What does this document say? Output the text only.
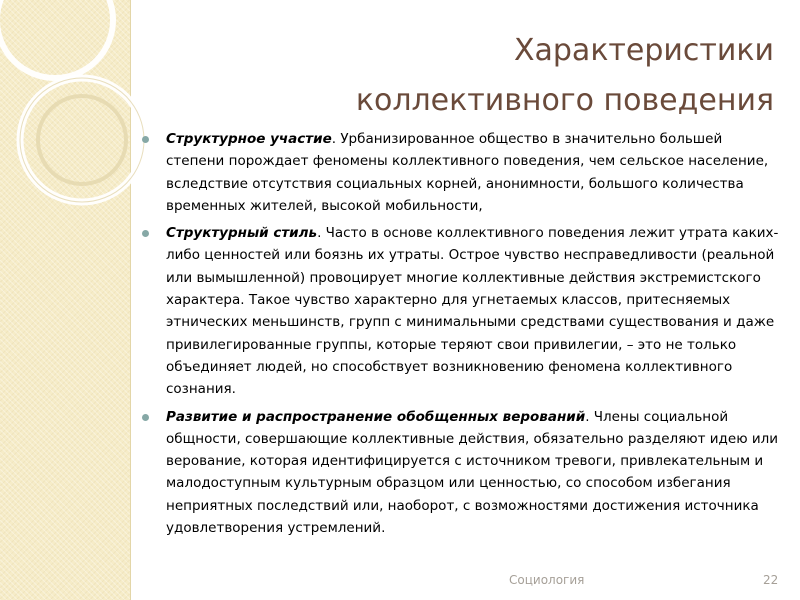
Характеристики
коллективного поведения
Структурное участие. Урбанизированное общество в значительно большей степени порождает феномены коллективного поведения, чем сельское население, вследствие отсутствия социальных корней, анонимности, большого количества временных жителей, высокой мобильности,
Структурный стиль. Часто в основе коллективного поведения лежит утрата каких-либо ценностей или боязнь их утраты. Острое чувство несправедливости (реальной или вымышленной) провоцирует многие коллективные действия экстремистского характера. Такое чувство характерно для угнетаемых классов, притесняемых этнических меньшинств, групп с минимальными средствами существования и даже привилегированные группы, которые теряют свои привилегии, – это не только объединяет людей, но способствует возникновению феномена коллективного сознания.
Развитие и распространение обобщенных верований. Члены социальной общности, совершающие коллективные действия, обязательно разделяют идею или верование, которая идентифицируется с источником тревоги, привлекательным и малодоступным культурным образцом или ценностью, со способом избегания неприятных последствий или, наоборот, с возможностями достижения источника удовлетворения устремлений.
Социология	22
